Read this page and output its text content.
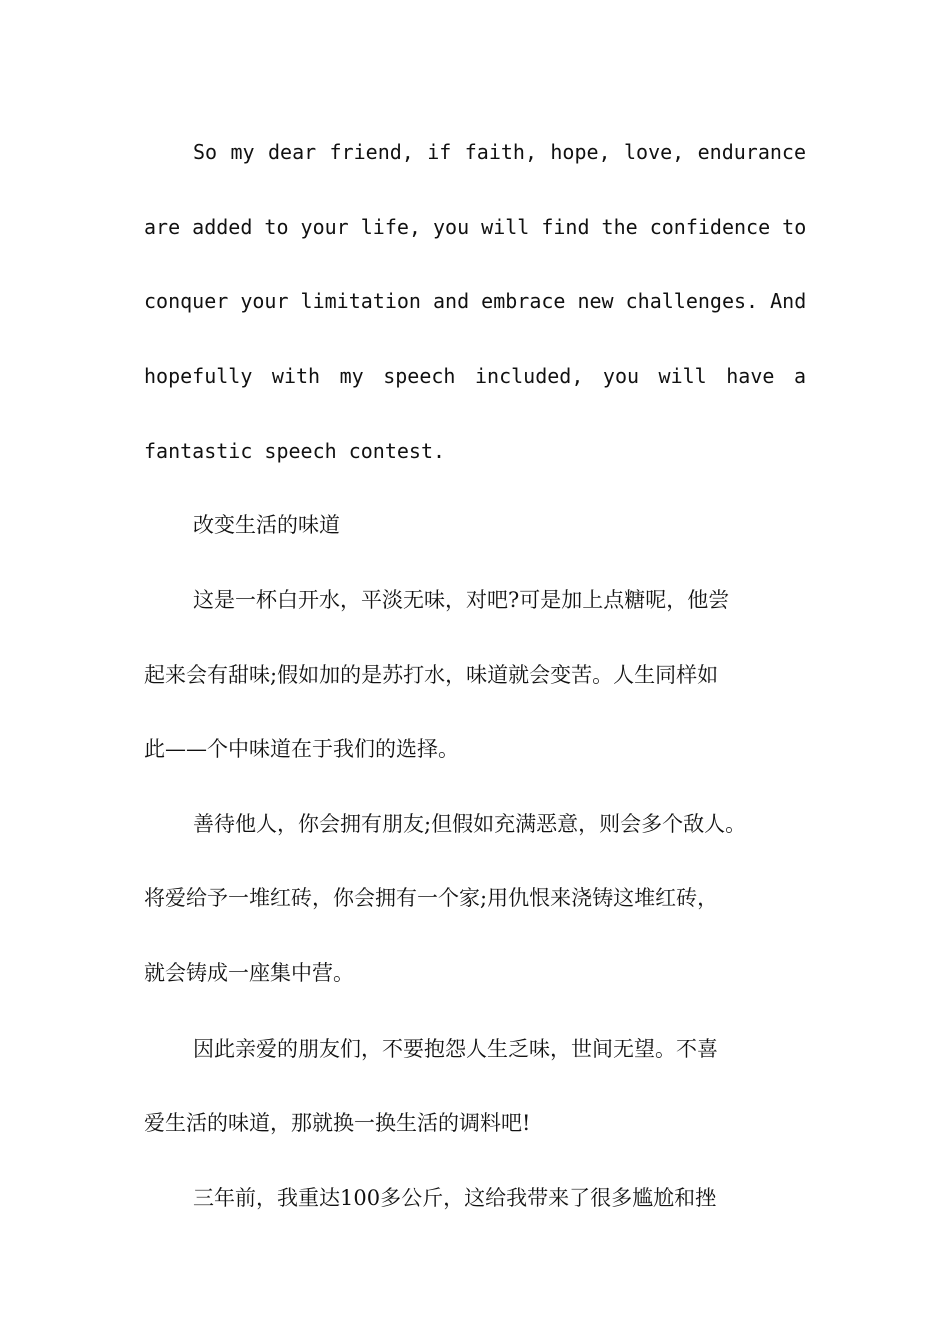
So my dear friend, if faith, hope, love, endurance
are added to your life, you will find the confidence to
conquer your limitation and embrace new challenges. And
hopefully with my speech included, you will have a
fantastic speech contest.
改变生活的味道
这是一杯白开水，平淡无味，对吧?可是加上点糖呢，他尝
起来会有甜味;假如加的是苏打水，味道就会变苦。人生同样如
此——个中味道在于我们的选择。
善待他人，你会拥有朋友;但假如充满恶意，则会多个敌人。
将爱给予一堆红砖，你会拥有一个家;用仇恨来浇铸这堆红砖，
就会铸成一座集中营。
因此亲爱的朋友们，不要抱怨人生乏味，世间无望。不喜
爱生活的味道，那就换一换生活的调料吧!
三年前，我重达100多公斤，这给我带来了很多尴尬和挫
